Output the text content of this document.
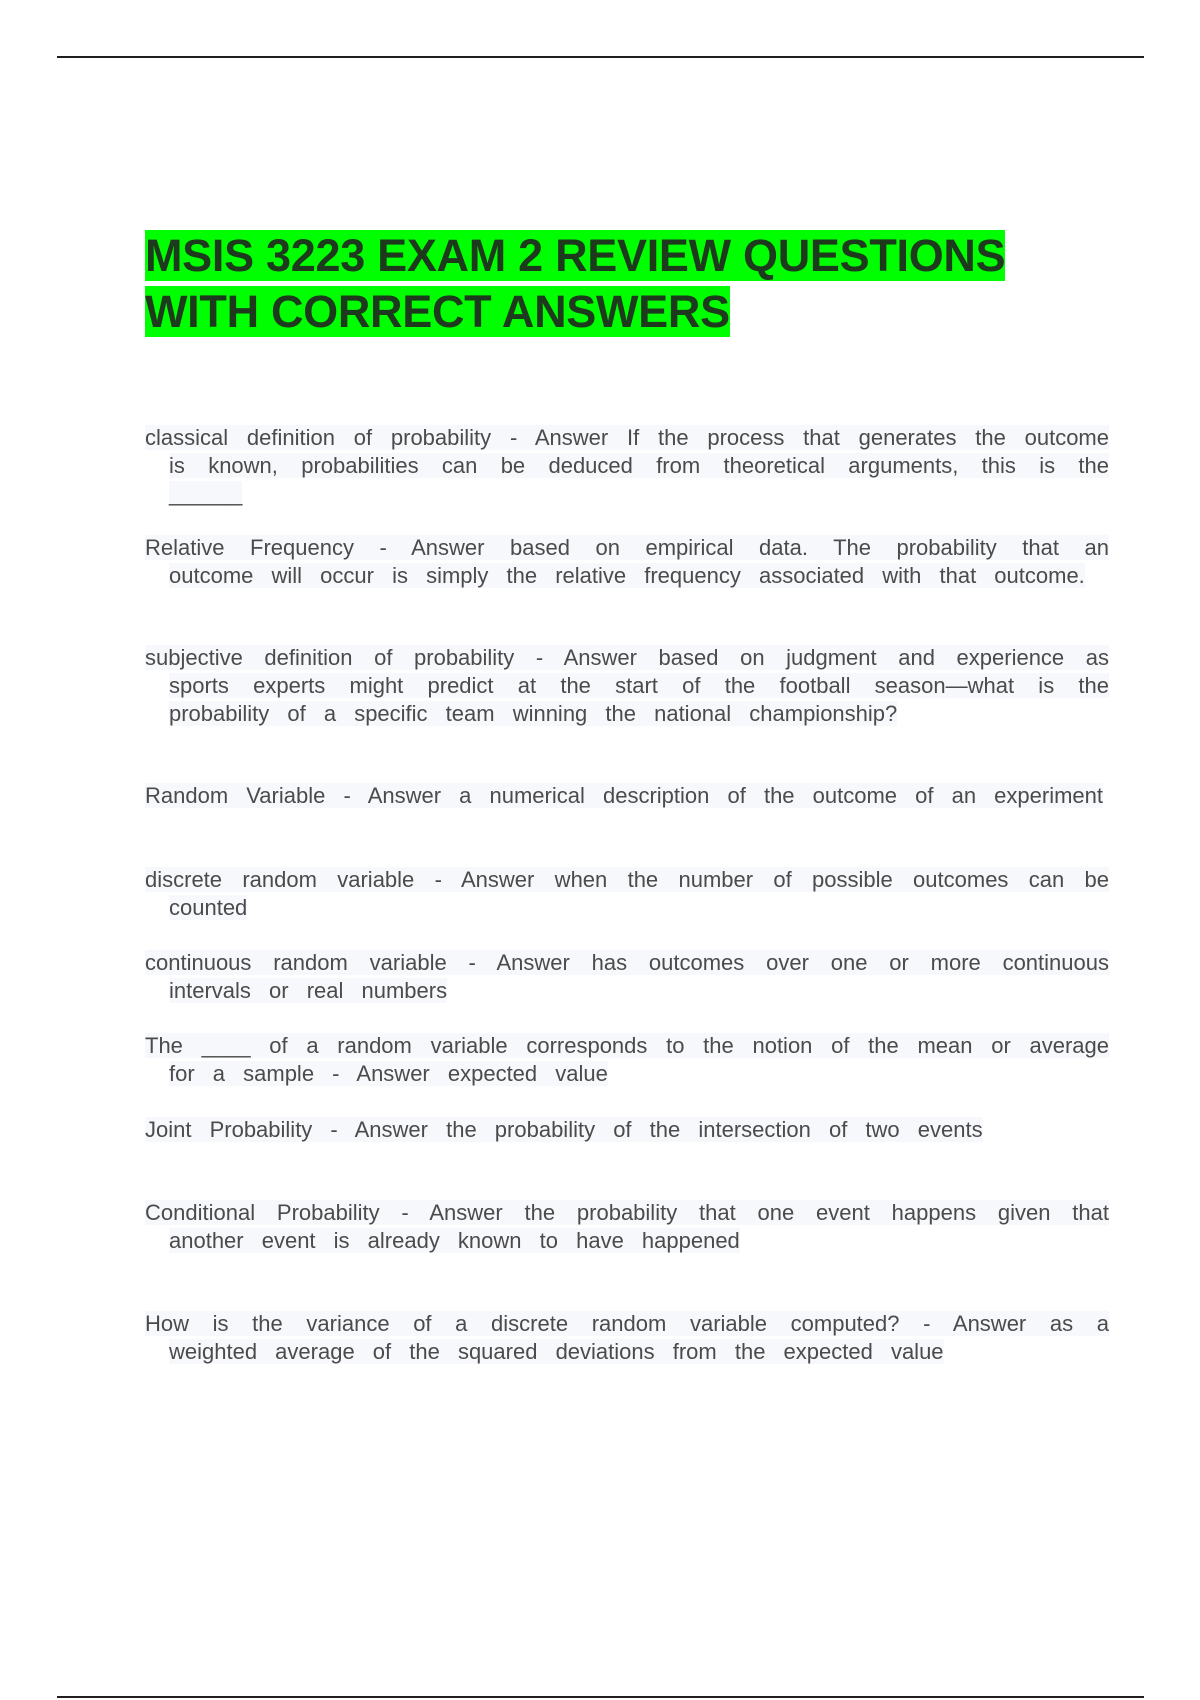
MSIS 3223 EXAM 2 REVIEW QUESTIONS WITH CORRECT ANSWERS
classical definition of probability - Answer If the process that generates the outcome is known, probabilities can be deduced from theoretical arguments, this is the ______
Relative Frequency - Answer based on empirical data. The probability that an outcome will occur is simply the relative frequency associated with that outcome.
subjective definition of probability - Answer based on judgment and experience as sports experts might predict at the start of the football season—what is the probability of a specific team winning the national championship?
Random Variable - Answer a numerical description of the outcome of an experiment
discrete random variable - Answer when the number of possible outcomes can be counted
continuous random variable - Answer has outcomes over one or more continuous intervals or real numbers
The ____ of a random variable corresponds to the notion of the mean or average for a sample - Answer expected value
Joint Probability - Answer the probability of the intersection of two events
Conditional Probability - Answer the probability that one event happens given that another event is already known to have happened
How is the variance of a discrete random variable computed? - Answer as a weighted average of the squared deviations from the expected value
